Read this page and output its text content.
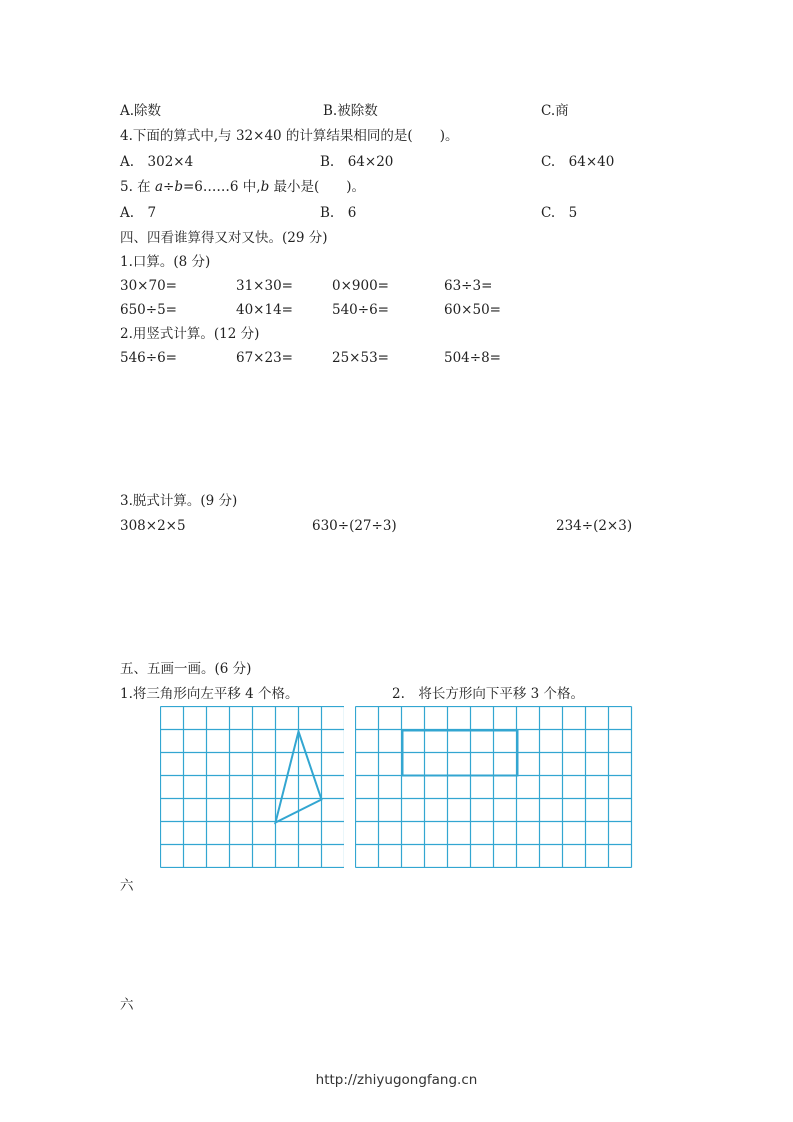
A.除数	B.被除数	C.商
4.下面的算式中,与 32×40 的计算结果相同的是(　　)。
A.　302×4	B.　64×20	C.　64×40
5. 在 a÷b=6……6 中,b 最小是(　　)。
A.　7	B.　6	C.　5
四、四看谁算得又对又快。(29 分)
1.口算。(8 分)
30×70=	31×30=	0×900=	63÷3=
650÷5=	40×14=	540÷6=	60×50=
2.用竖式计算。(12 分)
546÷6=	67×23=	25×53=	504÷8=
3.脱式计算。(9 分)
308×2×5	630÷(27÷3)	234÷(2×3)
五、五画一画。(6 分)
1.将三角形向左平移 4 个格。	2.　将长方形向下平移 3 个格。
六
六
http://zhiyugongfang.cn
